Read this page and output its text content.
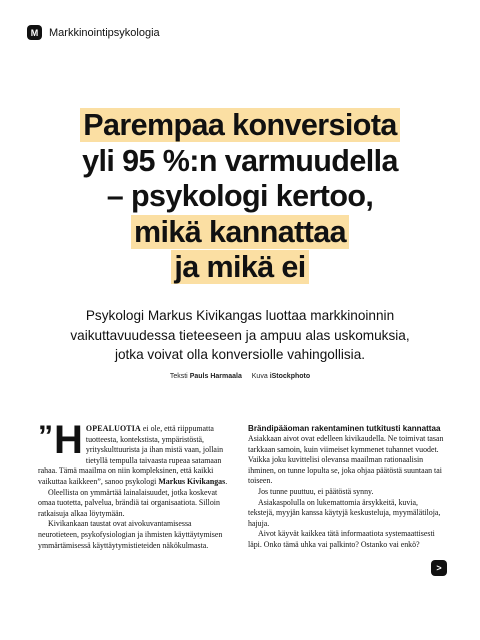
M Markkinointipsykologia
Parempaa konversiota
yli 95 %:n varmuudella
– psykologi kertoo,
mikä kannattaa
ja mikä ei

Psykologi Markus Kivikangas luottaa markkinoinnin vaikuttavuudessa tieteeseen ja ampuu alas uskomuksia, jotka voivat olla konversiolle vahingollisia.

Teksti Pauls Harmaala Kuva iStockphoto
” H OPEALUOTIA ei ole, että riippumatta tuotteesta, kontekstista, ympäristöstä, yrityskulttuurista ja ihan mistä vaan, jollain tietyllä tempulla taivaasta rupeaa satamaan rahaa. Tämä maailma on niin kompleksinen, että kaikki vaikuttaa kaikkeen”, sanoo psykologi Markus Kivikangas.

Oleellista on ymmärtää lainalaisuudet, jotka koskevat omaa tuotetta, palvelua, brändiä tai organisaatiota. Silloin ratkaisuja alkaa löytymään.

Kivikankaan taustat ovat aivokuvantamisessa neurotieteen, psykofysiologian ja ihmisten käyttäytymisen ymmärtämisessä käyttäytymistieteiden näkökulmasta.

Brändipääoman rakentaminen tutkitusti kannattaa

Asiakkaan aivot ovat edelleen kivikaudella. Ne toimivat tasan tarkkaan samoin, kuin viimeiset kymmenet tuhannet vuodet. Vaikka joku kuvittelisi olevansa maailman rationaalisin ihminen, on tunne lopulta se, joka ohjaa päätöstä suuntaan tai toiseen.

Jos tunne puuttuu, ei päätöstä synny.

Asiakaspolulla on lukemattomia ärsykkeitä, kuvia, tekstejä, myyjän kanssa käytyjä keskusteluja, myymälätiloja, hajuja.

Aivot käyvät kaikkea tätä informaatiota systemaattisesti läpi. Onko tämä uhka vai palkinto? Ostanko vai enkö?

>
